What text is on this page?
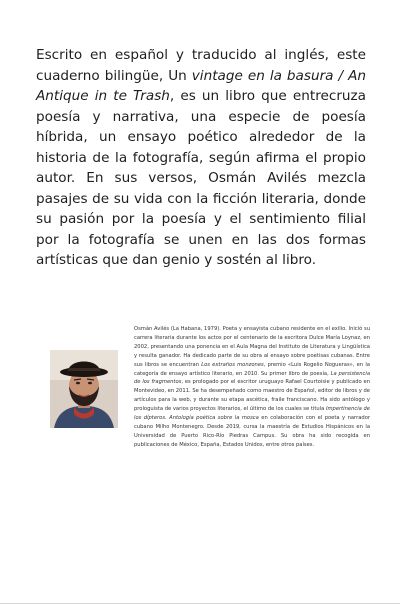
Escrito en español y traducido al inglés, este cuaderno bilingüe, Un vintage en la basura / An Antique in te Trash, es un libro que entrecruza poesía y narrativa, una especie de poesía híbrida, un ensayo poético alrededor de la historia de la fotografía, según afirma el propio autor. En sus versos, Osmán Avilés mezcla pasajes de su vida con la ficción literaria, donde su pasión por la poesía y el sentimiento filial por la fotografía se unen en las dos formas artísticas que dan genio y sostén al libro.

Osmán Avilés (La Habana, 1979). Poeta y ensayista cubano residente en el exilio. Inició su carrera literaria durante los actos por el centenario de la escritora Dulce María Loynaz, en 2002, presentando una ponencia en el Aula Magna del Instituto de Literatura y Lingüística y resulta ganador. Ha dedicado parte de su obra al ensayo sobre poetisas cubanas. Entre sus libros se encuentran Los extraños monzones, premio «Luis Rogelio Nogueras», en la categoría de ensayo artístico literario, en 2010. Su primer libro de poesía, La persistencia de los fragmentos, es prologado por el escritor uruguayo Rafael Courtoisie y publicado en Montevideo, en 2011. Se ha desempeñado como maestro de Español, editor de libros y de artículos para la web, y durante su etapa ascética, fraile franciscano. Ha sido antólogo y prologuista de varios proyectos literarios, el último de los cuales se titula Impertinencia de los dípteros. Antología poética sobre la mosca en colaboración con el poeta y narrador cubano Milho Montenegro. Desde 2019, cursa la maestría de Estudios Hispánicos en la Universidad de Puerto Rico-Río Piedras Campus. Su obra ha sido recogida en publicaciones de México, España, Estados Unidos, entre otros países.
